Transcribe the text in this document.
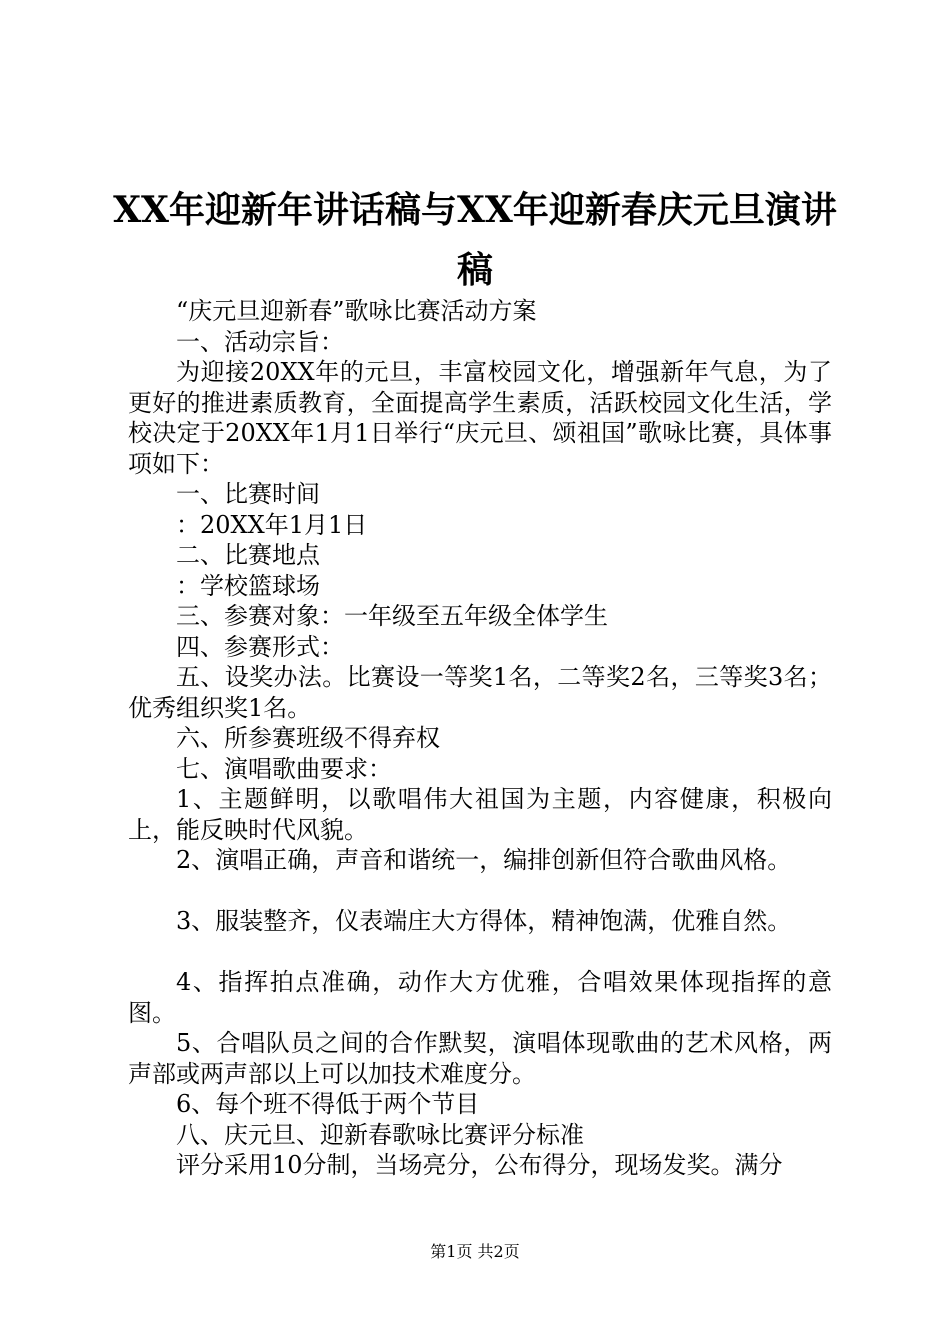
XX年迎新年讲话稿与XX年迎新春庆元旦演讲稿

“庆元旦迎新春”歌咏比赛活动方案

一、活动宗旨：

为迎接20XX年的元旦，丰富校园文化，增强新年气息，为了更好的推进素质教育，全面提高学生素质，活跃校园文化生活，学校决定于20XX年1月1日举行“庆元旦、颂祖国”歌咏比赛，具体事项如下：

一、比赛时间

：20XX年1月1日

二、比赛地点

：学校篮球场

三、参赛对象：一年级至五年级全体学生

四、参赛形式：

五、设奖办法。比赛设一等奖1名，二等奖2名，三等奖3名；优秀组织奖1名。

六、所参赛班级不得弃权

七、演唱歌曲要求：

1、主题鲜明，以歌唱伟大祖国为主题，内容健康，积极向上，能反映时代风貌。

2、演唱正确，声音和谐统一，编排创新但符合歌曲风格。

3、服装整齐，仪表端庄大方得体，精神饱满，优雅自然。

4、指挥拍点准确，动作大方优雅，合唱效果体现指挥的意图。

5、合唱队员之间的合作默契，演唱体现歌曲的艺术风格，两声部或两声部以上可以加技术难度分。

6、每个班不得低于两个节目

八、庆元旦、迎新春歌咏比赛评分标准

评分采用10分制，当场亮分，公布得分，现场发奖。满分

第1页 共2页
